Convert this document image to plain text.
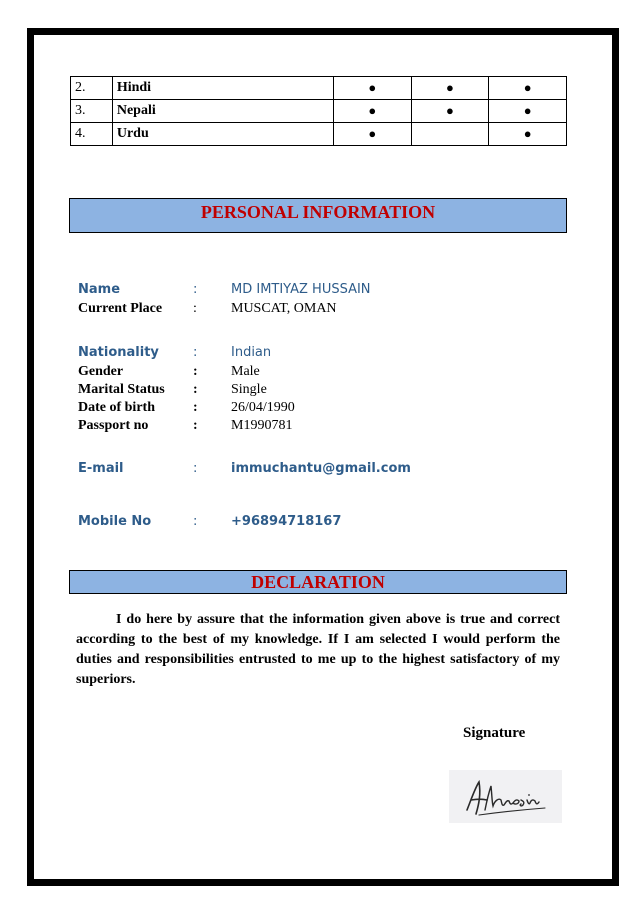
2.	Hindi	●	●	●
3.	Nepali	●	●	●
4.	Urdu	●		●
PERSONAL INFORMATION
Name	:	MD IMTIYAZ HUSSAIN
Current Place : MUSCAT, OMAN
Nationality	:	Indian
Gender	: Male
Marital Status : Single
Date of birth	: 26/04/1990
Passport no	: M1990781
E-mail	:	immuchantu@gmail.com
Mobile No	:	+96894718167
DECLARATION

I do here by assure that the information given above is true and correct according to the best of my knowledge. If I am selected I would perform the duties and responsibilities entrusted to me up to the highest satisfactory of my superiors.

Signature
